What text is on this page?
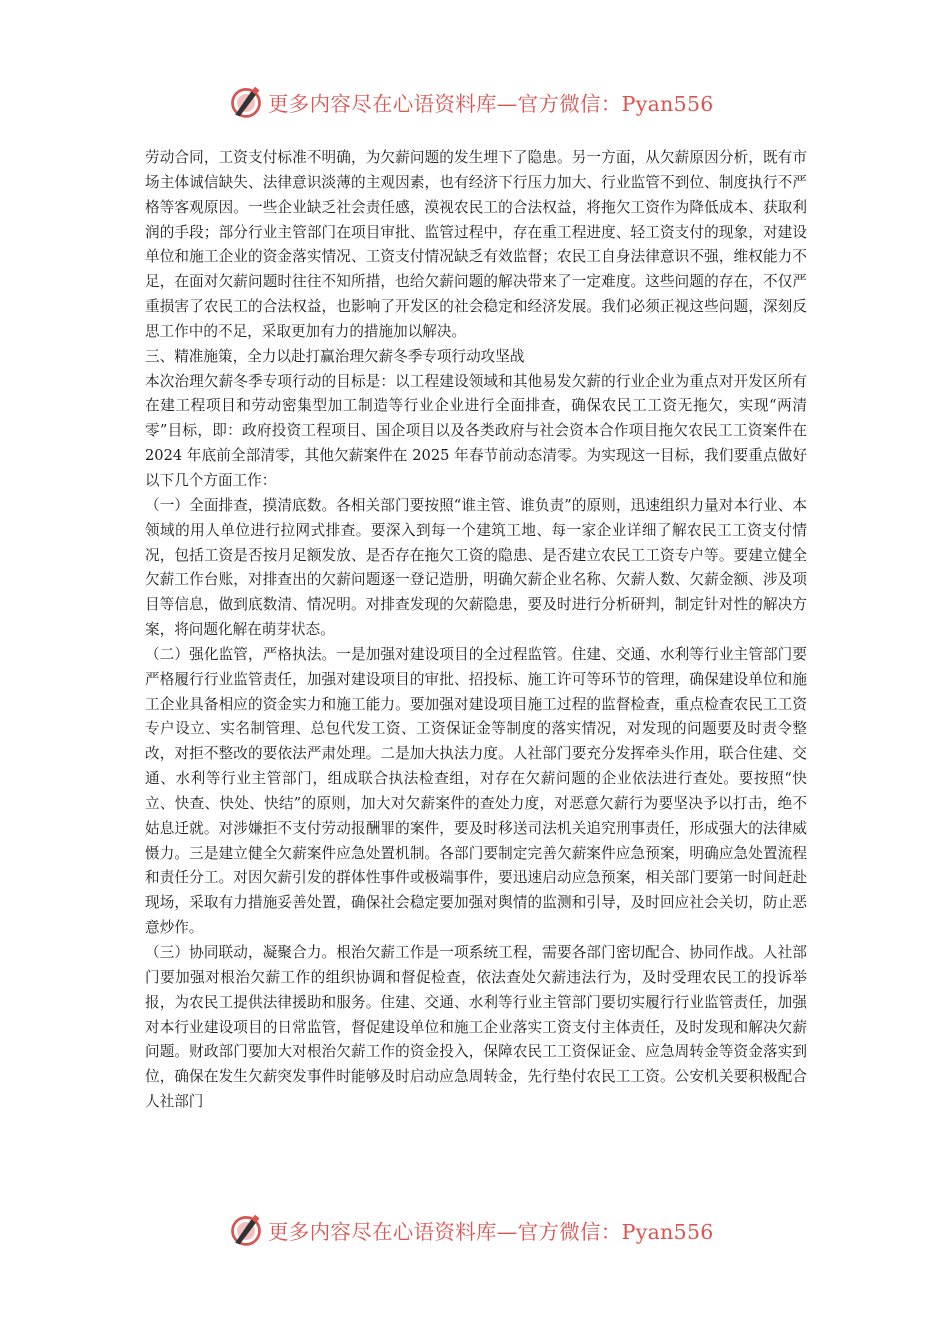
更多内容尽在心语资料库—官方微信：Pyan556

劳动合同，工资支付标准不明确，为欠薪问题的发生埋下了隐患。另一方面，从欠薪原因分析，既有市场主体诚信缺失、法律意识淡薄的主观因素，也有经济下行压力加大、行业监管不到位、制度执行不严格等客观原因。一些企业缺乏社会责任感，漠视农民工的合法权益，将拖欠工资作为降低成本、获取利润的手段；部分行业主管部门在项目审批、监管过程中，存在重工程进度、轻工资支付的现象，对建设单位和施工企业的资金落实情况、工资支付情况缺乏有效监督；农民工自身法律意识不强，维权能力不足，在面对欠薪问题时往往不知所措，也给欠薪问题的解决带来了一定难度。这些问题的存在，不仅严重损害了农民工的合法权益，也影响了开发区的社会稳定和经济发展。我们必须正视这些问题，深刻反思工作中的不足，采取更加有力的措施加以解决。

三、精准施策，全力以赴打赢治理欠薪冬季专项行动攻坚战

本次治理欠薪冬季专项行动的目标是：以工程建设领域和其他易发欠薪的行业企业为重点对开发区所有在建工程项目和劳动密集型加工制造等行业企业进行全面排查，确保农民工工资无拖欠，实现“两清零”目标，即：政府投资工程项目、国企项目以及各类政府与社会资本合作项目拖欠农民工工资案件在 2024 年底前全部清零，其他欠薪案件在 2025 年春节前动态清零。为实现这一目标，我们要重点做好以下几个方面工作：

（一）全面排查，摸清底数。各相关部门要按照“谁主管、谁负责”的原则，迅速组织力量对本行业、本领域的用人单位进行拉网式排查。要深入到每一个建筑工地、每一家企业详细了解农民工工资支付情况，包括工资是否按月足额发放、是否存在拖欠工资的隐患、是否建立农民工工资专户等。要建立健全欠薪工作台账，对排查出的欠薪问题逐一登记造册，明确欠薪企业名称、欠薪人数、欠薪金额、涉及项目等信息，做到底数清、情况明。对排查发现的欠薪隐患，要及时进行分析研判，制定针对性的解决方案，将问题化解在萌芽状态。

（二）强化监管，严格执法。一是加强对建设项目的全过程监管。住建、交通、水利等行业主管部门要严格履行行业监管责任，加强对建设项目的审批、招投标、施工许可等环节的管理，确保建设单位和施工企业具备相应的资金实力和施工能力。要加强对建设项目施工过程的监督检查，重点检查农民工工资专户设立、实名制管理、总包代发工资、工资保证金等制度的落实情况，对发现的问题要及时责令整改，对拒不整改的要依法严肃处理。二是加大执法力度。人社部门要充分发挥牵头作用，联合住建、交通、水利等行业主管部门，组成联合执法检查组，对存在欠薪问题的企业依法进行查处。要按照“快立、快查、快处、快结”的原则，加大对欠薪案件的查处力度，对恶意欠薪行为要坚决予以打击，绝不姑息迁就。对涉嫌拒不支付劳动报酬罪的案件，要及时移送司法机关追究刑事责任，形成强大的法律威慑力。三是建立健全欠薪案件应急处置机制。各部门要制定完善欠薪案件应急预案，明确应急处置流程和责任分工。对因欠薪引发的群体性事件或极端事件，要迅速启动应急预案，相关部门要第一时间赶赴现场，采取有力措施妥善处置，确保社会稳定要加强对舆情的监测和引导，及时回应社会关切，防止恶意炒作。

（三）协同联动，凝聚合力。根治欠薪工作是一项系统工程，需要各部门密切配合、协同作战。人社部门要加强对根治欠薪工作的组织协调和督促检查，依法查处欠薪违法行为，及时受理农民工的投诉举报，为农民工提供法律援助和服务。住建、交通、水利等行业主管部门要切实履行行业监管责任，加强对本行业建设项目的日常监管，督促建设单位和施工企业落实工资支付主体责任，及时发现和解决欠薪问题。财政部门要加大对根治欠薪工作的资金投入，保障农民工工资保证金、应急周转金等资金落实到位，确保在发生欠薪突发事件时能够及时启动应急周转金，先行垫付农民工工资。公安机关要积极配合人社部门

更多内容尽在心语资料库—官方微信：Pyan556
